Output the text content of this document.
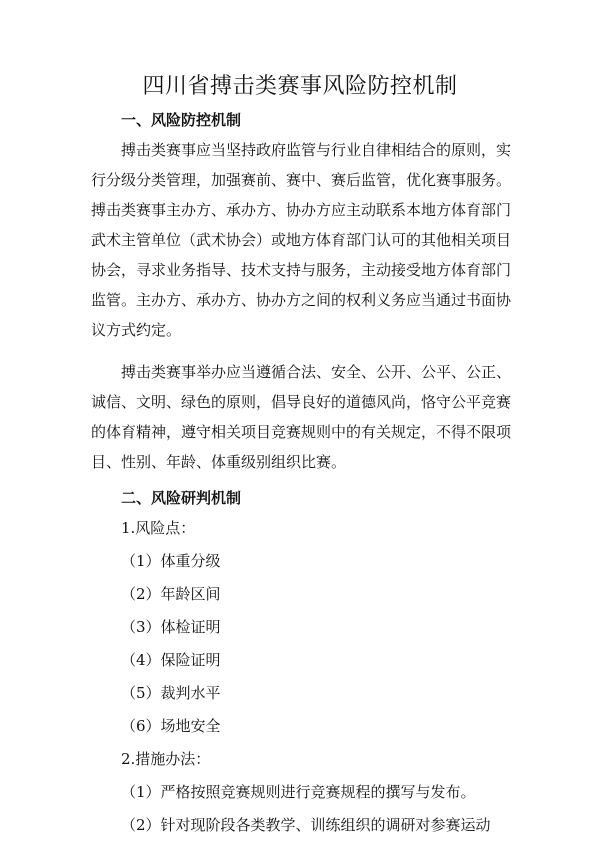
四川省搏击类赛事风险防控机制
一、风险防控机制

搏击类赛事应当坚持政府监管与行业自律相结合的原则，实行分级分类管理，加强赛前、赛中、赛后监管，优化赛事服务。搏击类赛事主办方、承办方、协办方应主动联系本地方体育部门武术主管单位（武术协会）或地方体育部门认可的其他相关项目协会，寻求业务指导、技术支持与服务，主动接受地方体育部门监管。主办方、承办方、协办方之间的权利义务应当通过书面协议方式约定。

搏击类赛事举办应当遵循合法、安全、公开、公平、公正、诚信、文明、绿色的原则，倡导良好的道德风尚，恪守公平竞赛的体育精神，遵守相关项目竞赛规则中的有关规定，不得不限项目、性别、年龄、体重级别组织比赛。

二、风险研判机制
1.风险点：
（1）体重分级
（2）年龄区间
（3）体检证明
（4）保险证明
（5）裁判水平
（6）场地安全
2.措施办法：
（1）严格按照竞赛规则进行竞赛规程的撰写与发布。
（2）针对现阶段各类教学、训练组织的调研对参赛运动
